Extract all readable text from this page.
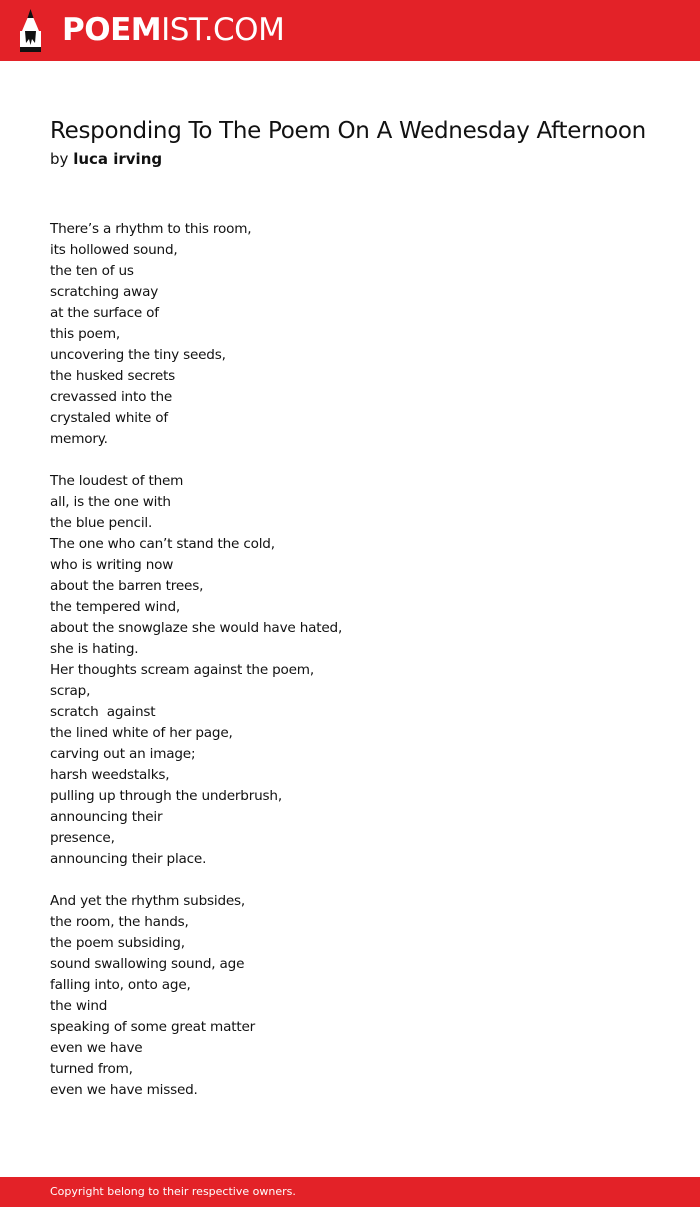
POEMIST.COM
Responding To The Poem On A Wednesday Afternoon
by luca irving
There’s a rhythm to this room,
its hollowed sound,
the ten of us
scratching away
at the surface of
this poem,
uncovering the tiny seeds,
the husked secrets
crevassed into the
crystaled white of
memory.
The loudest of them
all, is the one with
the blue pencil.
The one who can’t stand the cold,
who is writing now
about the barren trees,
the tempered wind,
about the snowglaze she would have hated,
she is hating.
Her thoughts scream against the poem,
scrap,
scratch  against
the lined white of her page,
carving out an image;
harsh weedstalks,
pulling up through the underbrush,
announcing their
presence,
announcing their place.
And yet the rhythm subsides,
the room, the hands,
the poem subsiding,
sound swallowing sound, age
falling into, onto age,
the wind
speaking of some great matter
even we have
turned from,
even we have missed.
Copyright belong to their respective owners.
